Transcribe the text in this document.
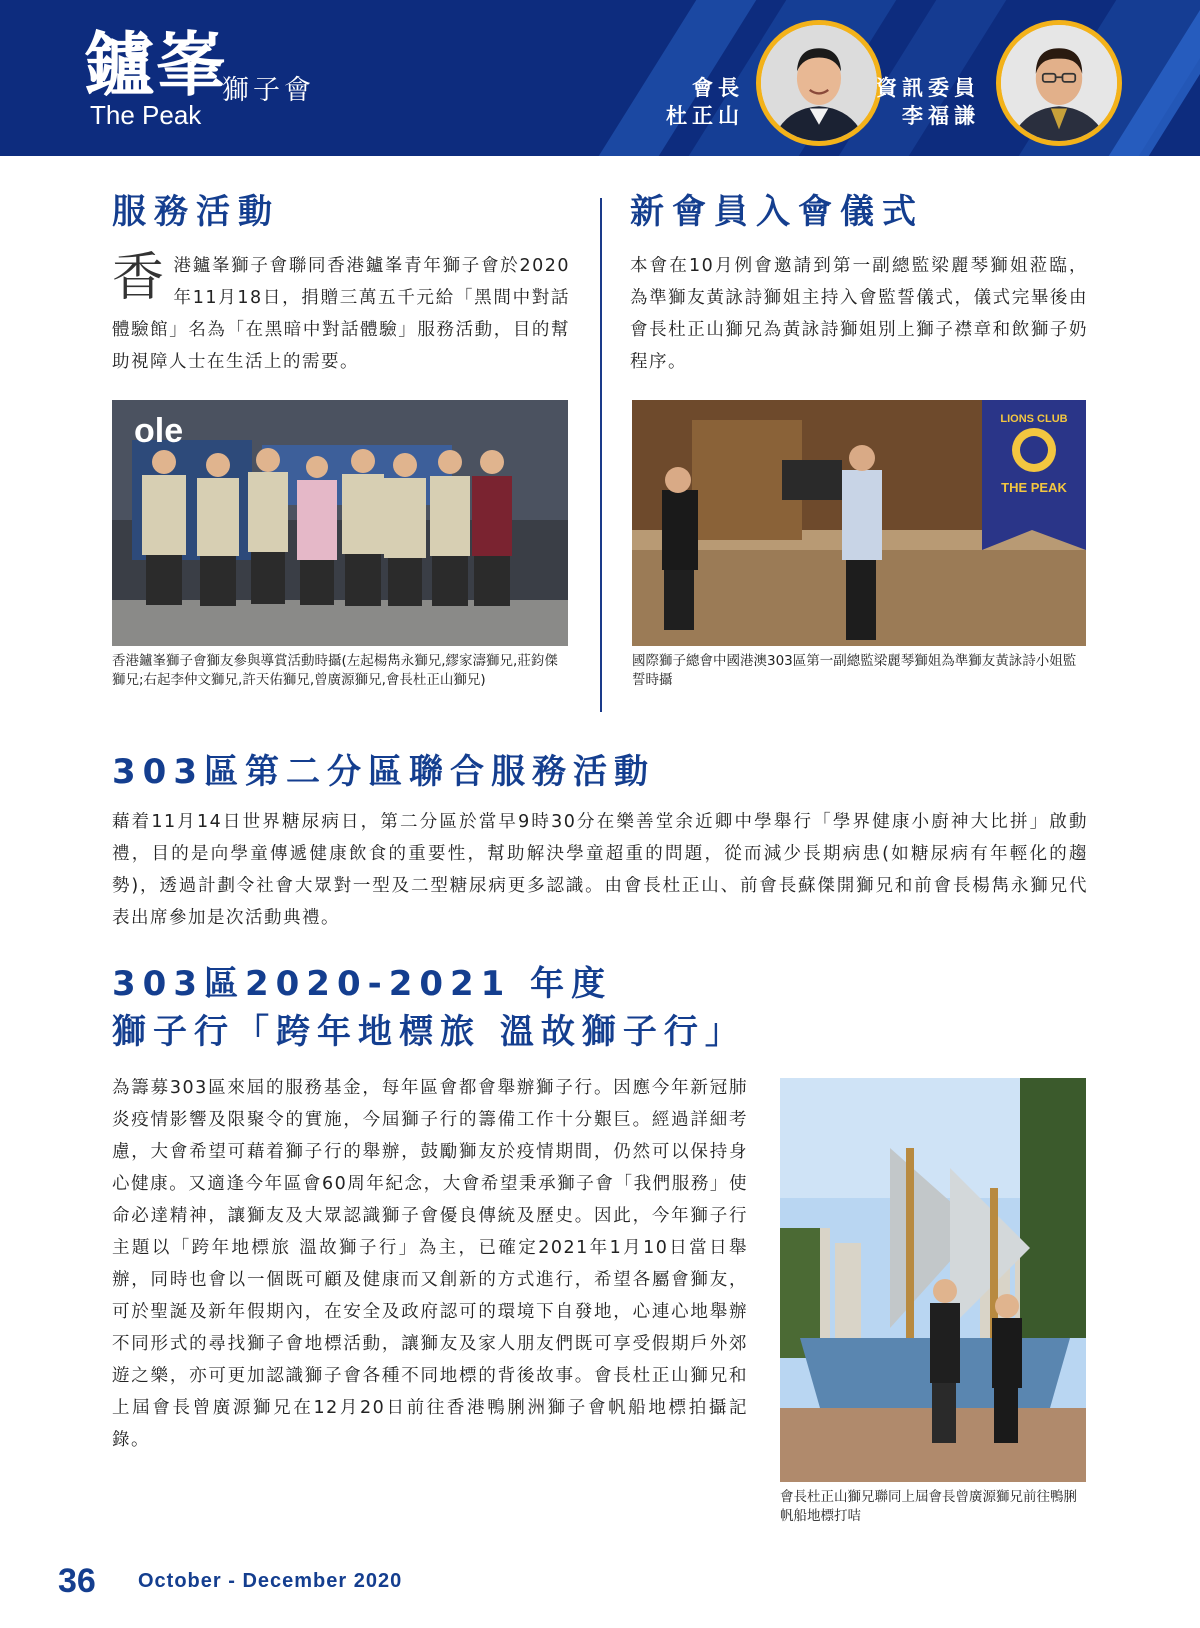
鑪峯
獅子會
The Peak
會長
杜正山
資訊委員
李福謙
服務活動
香港鑪峯獅子會聯同香港鑪峯青年獅子會於2020年11月18日，捐贈三萬五千元給「黑間中對話體驗館」名為「在黑暗中對話體驗」服務活動，目的幫助視障人士在生活上的需要。
ole
香港鑪峯獅子會獅友參與導賞活動時攝(左起楊雋永獅兄,繆家濤獅兄,莊鈞傑獅兄;右起李仲文獅兄,許天佑獅兄,曾廣源獅兄,會長杜正山獅兄)
新會員入會儀式
本會在10月例會邀請到第一副總監梁麗琴獅姐蒞臨，為準獅友黃詠詩獅姐主持入會監誓儀式，儀式完畢後由會長杜正山獅兄為黃詠詩獅姐別上獅子襟章和飲獅子奶程序。
LIONS CLUB
THE PEAK
國際獅子總會中國港澳303區第一副總監梁麗琴獅姐為準獅友黃詠詩小姐監誓時攝
303區第二分區聯合服務活動
藉着11月14日世界糖尿病日，第二分區於當早9時30分在樂善堂余近卿中學舉行「學界健康小廚神大比拼」啟動禮，目的是向學童傳遞健康飲食的重要性，幫助解決學童超重的問題，從而減少長期病患(如糖尿病有年輕化的趨勢)，透過計劃令社會大眾對一型及二型糖尿病更多認識。由會長杜正山、前會長蘇傑開獅兄和前會長楊雋永獅兄代表出席參加是次活動典禮。
303區2020-2021 年度
獅子行「跨年地標旅 溫故獅子行」
為籌募303區來屆的服務基金，每年區會都會舉辦獅子行。因應今年新冠肺炎疫情影響及限聚令的實施，今屆獅子行的籌備工作十分艱巨。經過詳細考慮，大會希望可藉着獅子行的舉辦，鼓勵獅友於疫情期間，仍然可以保持身心健康。又適逢今年區會60周年紀念，大會希望秉承獅子會「我們服務」使命必達精神，讓獅友及大眾認識獅子會優良傳統及歷史。因此，今年獅子行主題以「跨年地標旅 溫故獅子行」為主，已確定2021年1月10日當日舉辦，同時也會以一個既可顧及健康而又創新的方式進行，希望各屬會獅友，可於聖誕及新年假期內，在安全及政府認可的環境下自發地，心連心地舉辦不同形式的尋找獅子會地標活動，讓獅友及家人朋友們既可享受假期戶外郊遊之樂，亦可更加認識獅子會各種不同地標的背後故事。會長杜正山獅兄和上屆會長曾廣源獅兄在12月20日前往香港鴨脷洲獅子會帆船地標拍攝記錄。
會長杜正山獅兄聯同上屆會長曾廣源獅兄前往鴨脷帆船地標打咭
36 October - December 2020
